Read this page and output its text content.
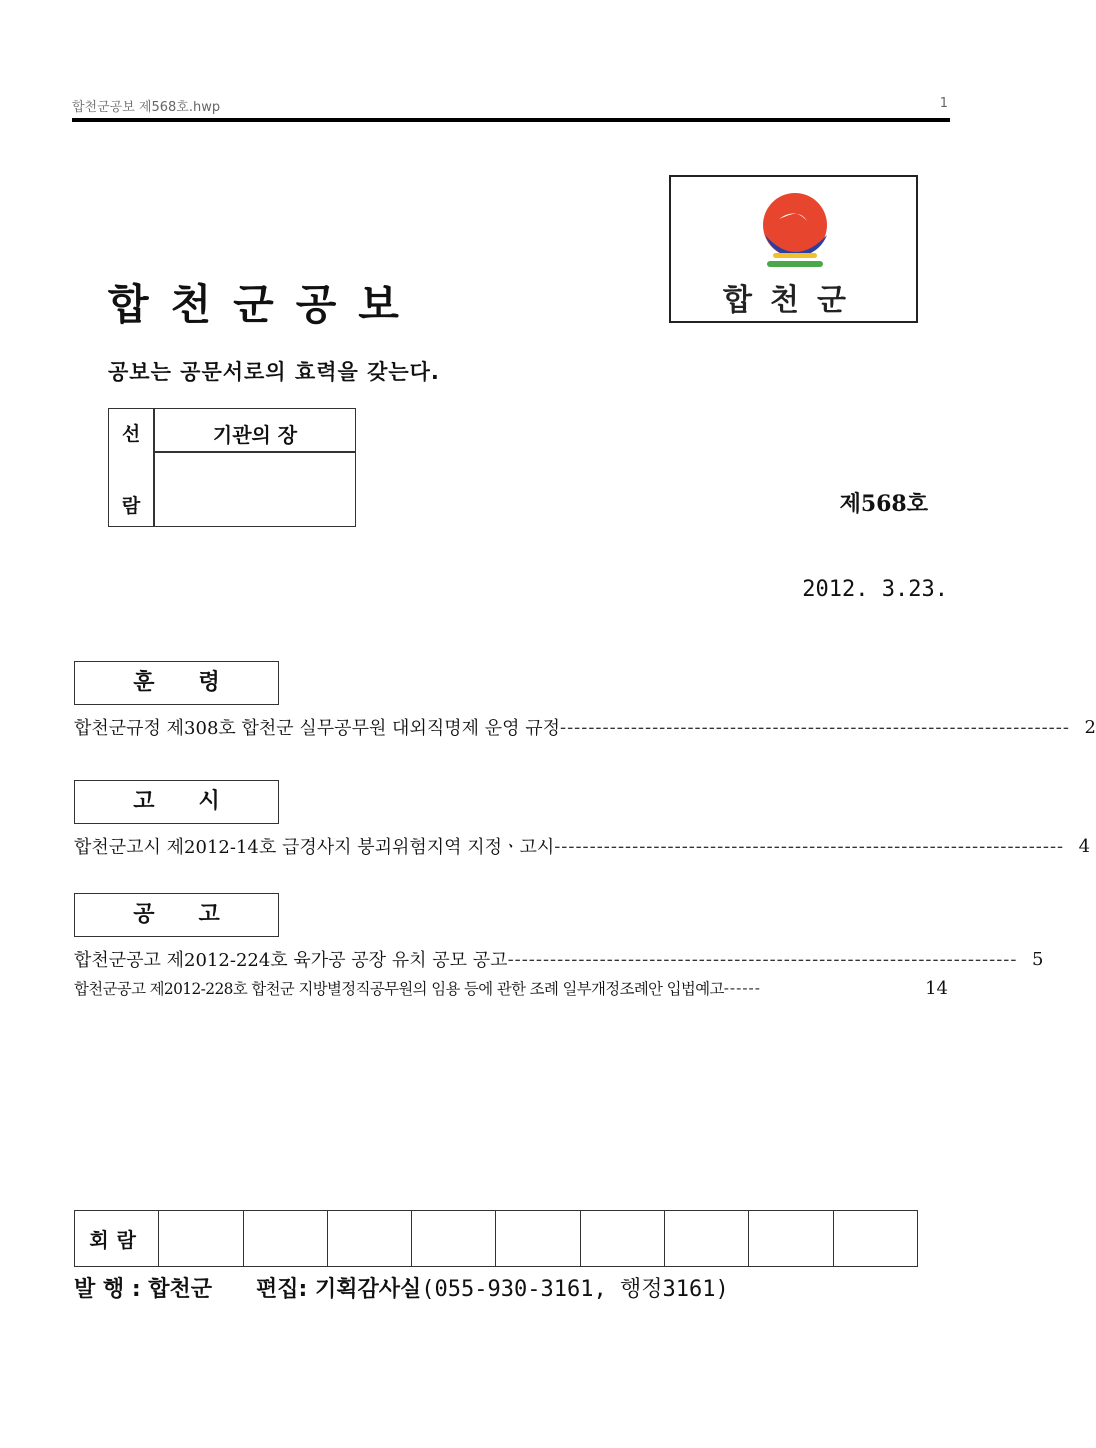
합천군공보 제568호.hwp	1
합천군공보	합천군
공보는 공문서로의 효력을 갖는다.
선
람
기관의 장
제568호
2012. 3.23.
훈령
합천군규정 제308호 합천군 실무공무원 대외직명제 운영 규정 ------------------------------------------------------------------------ 2
고시
합천군고시 제2012-14호 급경사지 붕괴위험지역 지정ㆍ고시 ------------------------------------------------------------------------ 4
공고
합천군공고 제2012-224호 육가공 공장 유치 공모 공고 ------------------------------------------------------------------------ 5
합천군공고 제2012-228호 합천군 지방별정직공무원의 임용 등에 관한 조례 일부개정조례안 입법예고 ------	14
회람
발 행 : 합천군 편집: 기획감사실(055-930-3161, 행정3161)
